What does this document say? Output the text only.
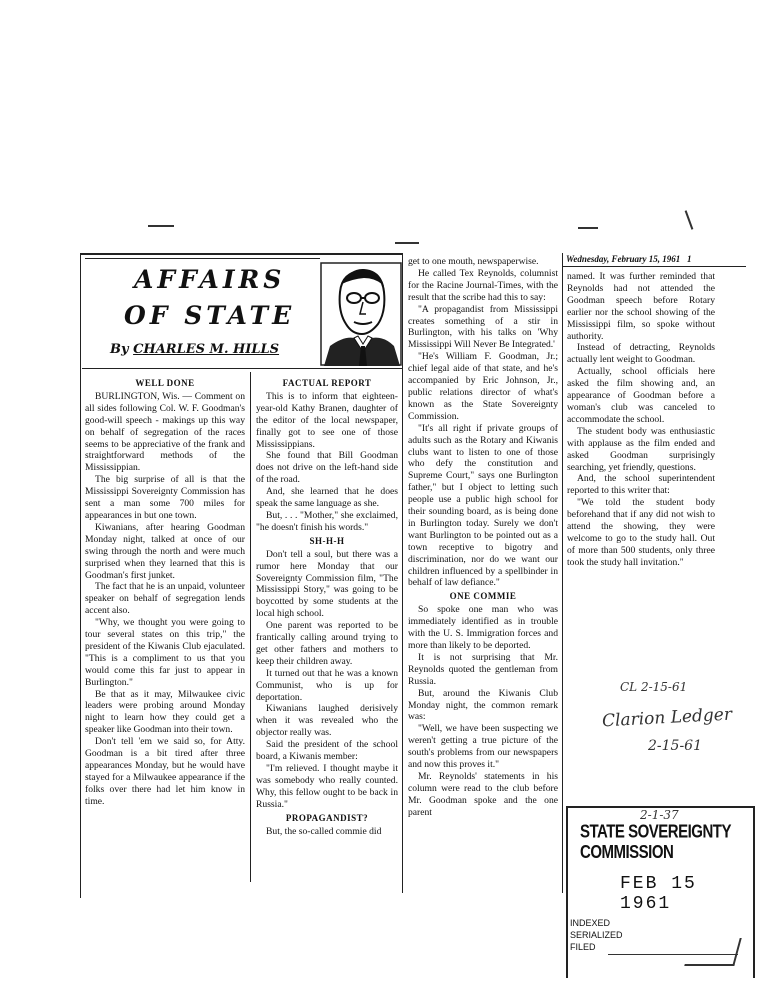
AFFAIRS
OF STATE
By CHARLES M. HILLS
Wednesday, February 15, 1961 1
WELL DONE

BURLINGTON, Wis. — Comment on all sides following Col. W. F. Goodman's good-will speech - makings up this way on behalf of segregation of the races seems to be appreciative of the frank and straightforward methods of the Mississippian.

The big surprise of all is that the Mississippi Sovereignty Commission has sent a man some 700 miles for appearances in but one town.

Kiwanians, after hearing Goodman Monday night, talked at once of our swing through the north and were much surprised when they learned that this is Goodman's first junket.

The fact that he is an unpaid, volunteer speaker on behalf of segregation lends accent also.

"Why, we thought you were going to tour several states on this trip," the president of the Kiwanis Club ejaculated. "This is a compliment to us that you would come this far just to appear in Burlington."

Be that as it may, Milwaukee civic leaders were probing around Monday night to learn how they could get a speaker like Goodman into their town.

Don't tell 'em we said so, for Atty. Goodman is a bit tired after three appearances Monday, but he would have stayed for a Milwaukee appearance if the folks over there had let him know in time.

FACTUAL REPORT

This is to inform that eighteen-year-old Kathy Branen, daughter of the editor of the local newspaper, finally got to see one of those Mississippians.

She found that Bill Goodman does not drive on the left-hand side of the road.

And, she learned that he does speak the same language as she.

But, . . . "Mother," she exclaimed, "he doesn't finish his words."

SH-H-H

Don't tell a soul, but there was a rumor here Monday that our Sovereignty Commission film, "The Mississippi Story," was going to be boycotted by some students at the local high school.

One parent was reported to be frantically calling around trying to get other fathers and mothers to keep their children away.

It turned out that he was a known Communist, who is up for deportation.

Kiwanians laughed derisively when it was revealed who the objector really was.

Said the president of the school board, a Kiwanis member:

"I'm relieved. I thought maybe it was somebody who really counted. Why, this fellow ought to be back in Russia."

PROPAGANDIST?

But, the so-called commie did

get to one mouth, newspaperwise.

He called Tex Reynolds, columnist for the Racine Journal-Times, with the result that the scribe had this to say:

"A propagandist from Mississippi creates something of a stir in Burlington, with his talks on 'Why Mississippi Will Never Be Integrated.'

"He's William F. Goodman, Jr.; chief legal aide of that state, and he's accompanied by Eric Johnson, Jr., public relations director of what's known as the State Sovereignty Commission.

"It's all right if private groups of adults such as the Rotary and Kiwanis clubs want to listen to one of those who defy the constitution and Supreme Court," says one Burlington father," but I object to letting such people use a public high school for their sounding board, as is being done in Burlington today. Surely we don't want Burlington to be pointed out as a town receptive to bigotry and discrimination, nor do we want our children influenced by a spellbinder in behalf of law defiance."

ONE COMMIE

So spoke one man who was immediately identified as in trouble with the U. S. Immigration forces and more than likely to be deported.

It is not surprising that Mr. Reynolds quoted the gentleman from Russia.

But, around the Kiwanis Club Monday night, the common remark was:

"Well, we have been suspecting we weren't getting a true picture of the south's problems from our newspapers and now this proves it."

Mr. Reynolds' statements in his column were read to the club before Mr. Goodman spoke and the one parent

named. It was further reminded that Reynolds had not attended the Goodman speech before Rotary earlier nor the school showing of the Mississippi film, so spoke without authority.

Instead of detracting, Reynolds actually lent weight to Goodman.

Actually, school officials here asked the film showing and, an appearance of Goodman before a woman's club was canceled to accommodate the school.

The student body was enthusiastic with applause as the film ended and asked Goodman surprisingly searching, yet friendly, questions.

And, the school superintendent reported to this writer that:

"We told the student body beforehand that if any did not wish to attend the showing, they were welcome to go to the study hall. Out of more than 500 students, only three took the study hall invitation."

CL 2-15-61
Clarion Ledger
2-15-61
2-1-37
STATE SOVEREIGNTY COMMISSION
FEB 15 1961
INDEXED
SERIALIZED
FILED
